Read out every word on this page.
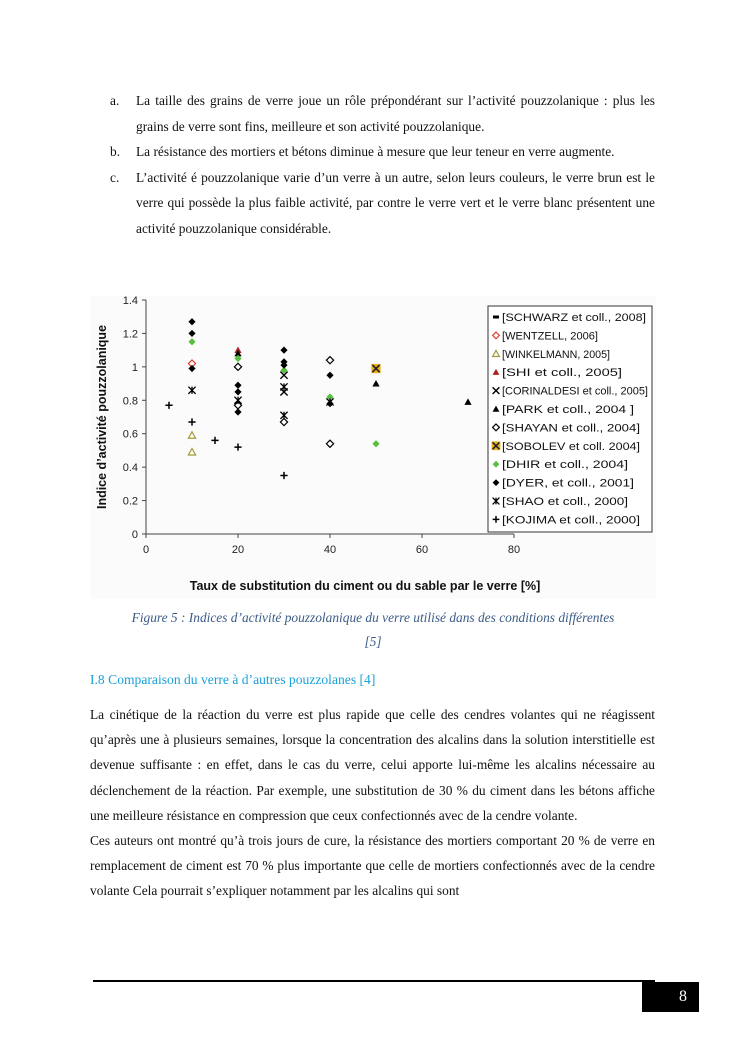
a.	La taille des grains de verre joue un rôle prépondérant sur l’activité pouzzolanique : plus les grains de verre sont fins, meilleure et son activité pouzzolanique.
b.	La résistance des mortiers et bétons diminue à mesure que leur teneur en verre augmente.
c.	L’activité é pouzzolanique varie d’un verre à un autre, selon leurs couleurs, le verre brun est le verre qui possède la plus faible activité, par contre le verre vert et le verre blanc présentent une activité pouzzolanique considérable.
0
0.2
0.4
0.6
0.8
1
1.2
1.4
0	20	40	60	80
Taux de substitution du ciment ou du sable par le verre [%]
Indice d’activité pouzzolanique
[SCHWARZ et coll., 2008]
[WENTZELL, 2006]
[WINKELMANN, 2005]
[SHI et coll., 2005]
[CORINALDESI et coll., 2005]
[PARK et coll., 2004 ]
[SHAYAN et coll., 2004]
[SOBOLEV et coll. 2004]
[DHIR et coll., 2004]
[DYER, et coll., 2001]
[SHAO et coll., 2000]
[KOJIMA et coll., 2000]
Figure 5 : Indices d’activité pouzzolanique du verre utilisé dans des conditions différentes
[5]
I.8 Comparaison du verre à d’autres pouzzolanes [4]

La cinétique de la réaction du verre est plus rapide que celle des cendres volantes qui ne réagissent qu’après une à plusieurs semaines, lorsque la concentration des alcalins dans la solution interstitielle est devenue suffisante : en effet, dans le cas du verre, celui apporte lui-même les alcalins nécessaire au déclenchement de la réaction. Par exemple, une substitution de 30 % du ciment dans les bétons affiche une meilleure résistance en compression que ceux confectionnés avec de la cendre volante.

Ces auteurs ont montré qu’à trois jours de cure, la résistance des mortiers comportant 20 % de verre en remplacement de ciment est 70 % plus importante que celle de mortiers confectionnés avec de la cendre volante Cela pourrait s’expliquer notamment par les alcalins qui sont

8
